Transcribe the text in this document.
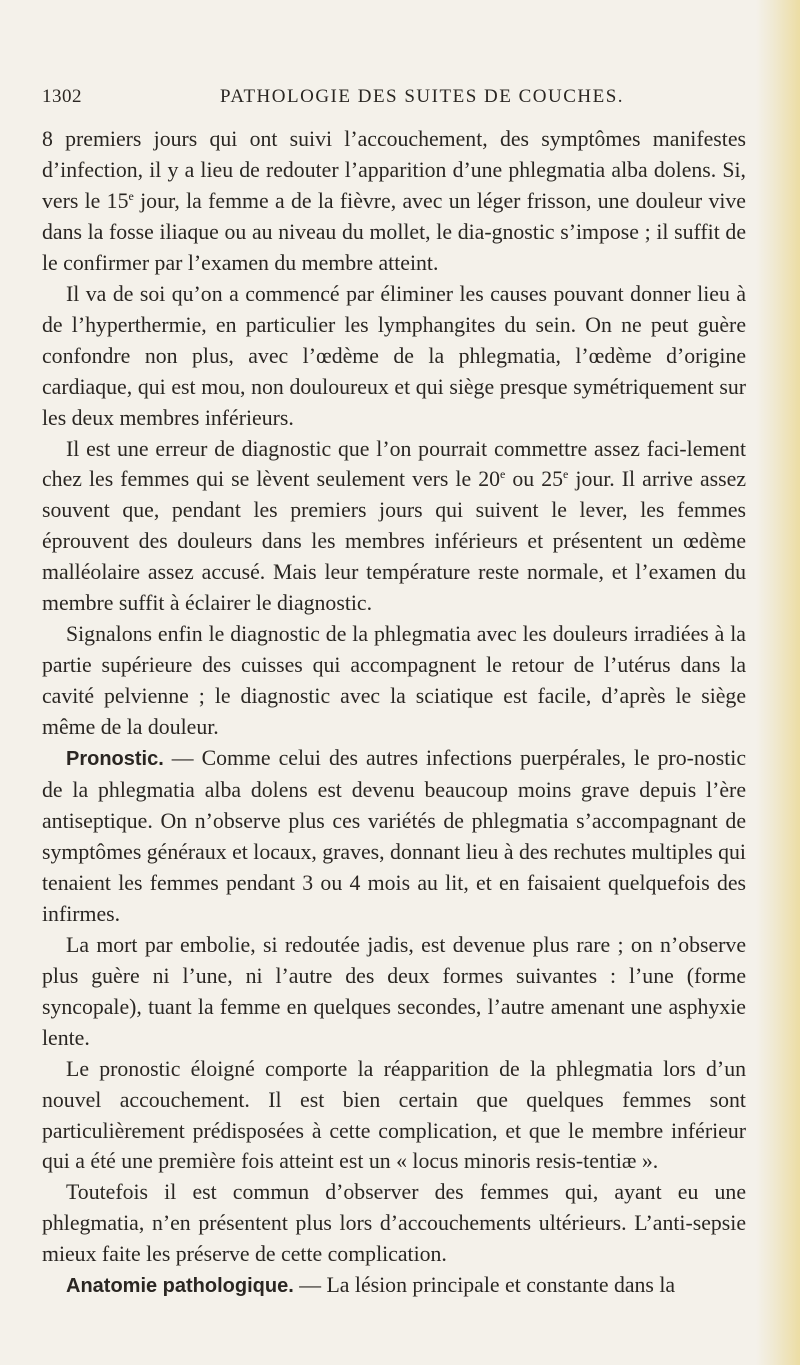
1302	PATHOLOGIE DES SUITES DE COUCHES.

8 premiers jours qui ont suivi l’accouchement, des symptômes manifestes d’infection, il y a lieu de redouter l’apparition d’une phlegmatia alba dolens. Si, vers le 15e jour, la femme a de la fièvre, avec un léger frisson, une douleur vive dans la fosse iliaque ou au niveau du mollet, le dia-gnostic s’impose ; il suffit de le confirmer par l’examen du membre atteint.

Il va de soi qu’on a commencé par éliminer les causes pouvant donner lieu à de l’hyperthermie, en particulier les lymphangites du sein. On ne peut guère confondre non plus, avec l’œdème de la phlegmatia, l’œdème d’origine cardiaque, qui est mou, non douloureux et qui siège presque symétriquement sur les deux membres inférieurs.

Il est une erreur de diagnostic que l’on pourrait commettre assez faci-lement chez les femmes qui se lèvent seulement vers le 20e ou 25e jour. Il arrive assez souvent que, pendant les premiers jours qui suivent le lever, les femmes éprouvent des douleurs dans les membres inférieurs et présentent un œdème malléolaire assez accusé. Mais leur température reste normale, et l’examen du membre suffit à éclairer le diagnostic.

Signalons enfin le diagnostic de la phlegmatia avec les douleurs irradiées à la partie supérieure des cuisses qui accompagnent le retour de l’utérus dans la cavité pelvienne ; le diagnostic avec la sciatique est facile, d’après le siège même de la douleur.

Pronostic. — Comme celui des autres infections puerpérales, le pro-nostic de la phlegmatia alba dolens est devenu beaucoup moins grave depuis l’ère antiseptique. On n’observe plus ces variétés de phlegmatia s’accompagnant de symptômes généraux et locaux, graves, donnant lieu à des rechutes multiples qui tenaient les femmes pendant 3 ou 4 mois au lit, et en faisaient quelquefois des infirmes.

La mort par embolie, si redoutée jadis, est devenue plus rare ; on n’observe plus guère ni l’une, ni l’autre des deux formes suivantes : l’une (forme syncopale), tuant la femme en quelques secondes, l’autre amenant une asphyxie lente.

Le pronostic éloigné comporte la réapparition de la phlegmatia lors d’un nouvel accouchement. Il est bien certain que quelques femmes sont particulièrement prédisposées à cette complication, et que le membre inférieur qui a été une première fois atteint est un « locus minoris resis-tentiæ ».

Toutefois il est commun d’observer des femmes qui, ayant eu une phlegmatia, n’en présentent plus lors d’accouchements ultérieurs. L’anti-sepsie mieux faite les préserve de cette complication.

Anatomie pathologique. — La lésion principale et constante dans la
